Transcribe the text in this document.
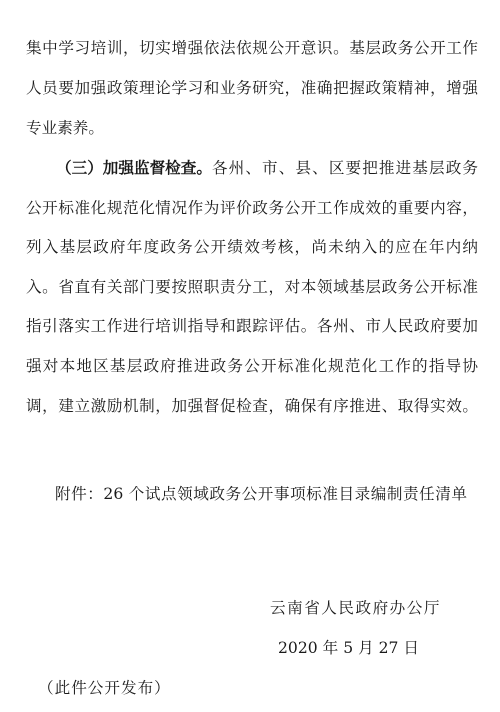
集中学习培训，切实增强依法依规公开意识。基层政务公开工作
人员要加强政策理论学习和业务研究，准确把握政策精神，增强
专业素养。
（三）加强监督检查。 各州、市、县、区要把推进基层政务
公开标准化规范化情况作为评价政务公开工作成效的重要内容，
列入基层政府年度政务公开绩效考核，尚未纳入的应在年内纳
入。省直有关部门要按照职责分工，对本领域基层政务公开标准
指引落实工作进行培训指导和跟踪评估。各州、市人民政府要加
强对本地区基层政府推进政务公开标准化规范化工作的指导协
调，建立激励机制，加强督促检查，确保有序推进、取得实效。
附件：26 个试点领域政务公开事项标准目录编制责任清单
云南省人民政府办公厅
2020 年 5 月 27 日
（此件公开发布）
